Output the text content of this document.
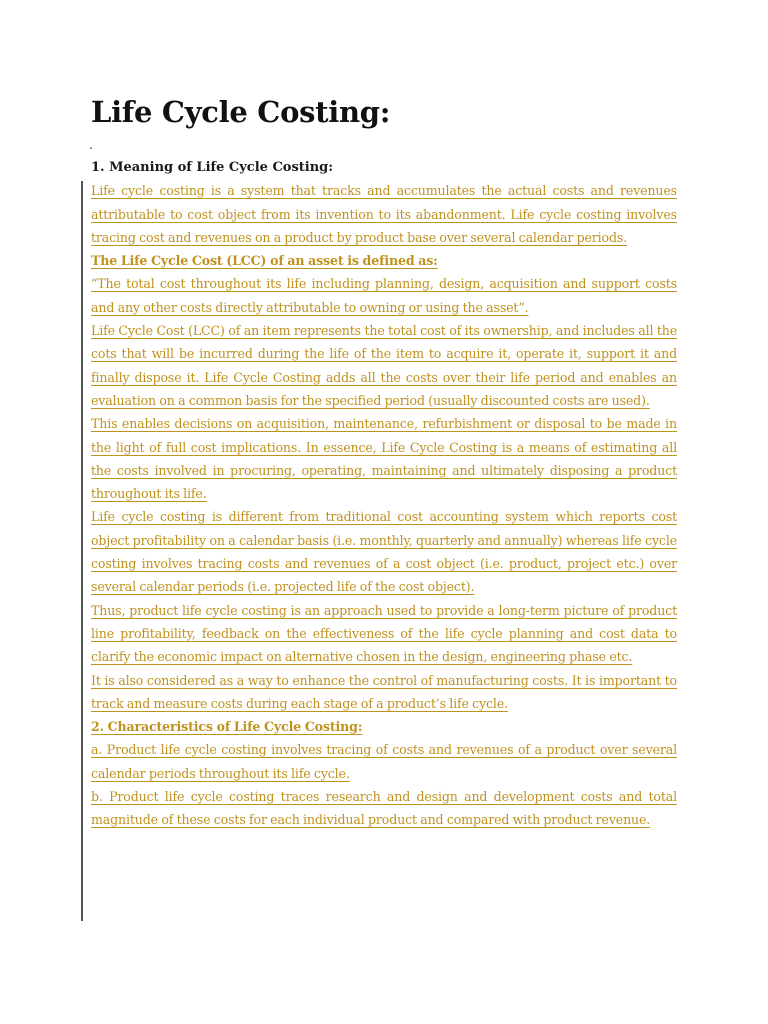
Life Cycle Costing:
.

1. Meaning of Life Cycle Costing:

Life cycle costing is a system that tracks and accumulates the actual costs and revenues attributable to cost object from its invention to its abandonment. Life cycle costing involves tracing cost and revenues on a product by product base over several calendar periods.

The Life Cycle Cost (LCC) of an asset is defined as:

“The total cost throughout its life including planning, design, acquisition and support costs and any other costs directly attributable to owning or using the asset”.

Life Cycle Cost (LCC) of an item represents the total cost of its ownership, and includes all the cots that will be incurred during the life of the item to acquire it, operate it, support it and finally dispose it. Life Cycle Costing adds all the costs over their life period and enables an evaluation on a common basis for the specified period (usually discounted costs are used).

This enables decisions on acquisition, maintenance, refurbishment or disposal to be made in the light of full cost implications. In essence, Life Cycle Costing is a means of estimating all the costs involved in procuring, operating, maintaining and ultimately disposing a product throughout its life.

Life cycle costing is different from traditional cost accounting system which reports cost object profitability on a calendar basis (i.e. monthly, quarterly and annually) whereas life cycle costing involves tracing costs and revenues of a cost object (i.e. product, project etc.) over several calendar periods (i.e. projected life of the cost object).

Thus, product life cycle costing is an approach used to provide a long-term picture of product line profitability, feedback on the effectiveness of the life cycle planning and cost data to clarify the economic impact on alternative chosen in the design, engineering phase etc.

It is also considered as a way to enhance the control of manufacturing costs. It is important to track and measure costs during each stage of a product’s life cycle.

2. Characteristics of Life Cycle Costing:

a. Product life cycle costing involves tracing of costs and revenues of a product over several calendar periods throughout its life cycle.

b. Product life cycle costing traces research and design and development costs and total magnitude of these costs for each individual product and compared with product revenue.
